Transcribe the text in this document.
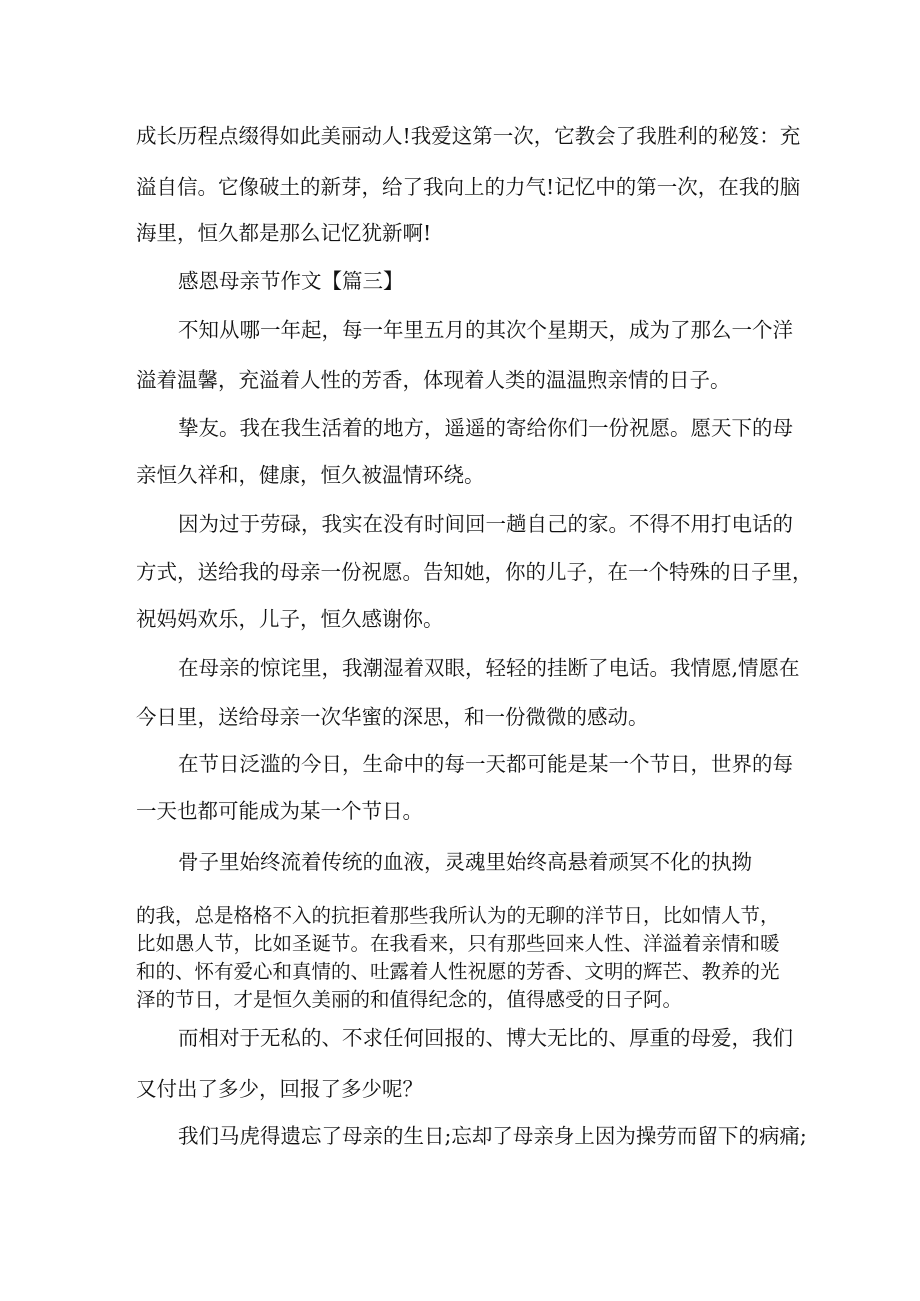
成长历程点缀得如此美丽动人!我爱这第一次，它教会了我胜利的秘笈：充
溢自信。它像破土的新芽，给了我向上的力气!记忆中的第一次，在我的脑
海里，恒久都是那么记忆犹新啊!
感恩母亲节作文【篇三】
不知从哪一年起，每一年里五月的其次个星期天，成为了那么一个洋
溢着温馨，充溢着人性的芳香，体现着人类的温温煦亲情的日子。
挚友。我在我生活着的地方，遥遥的寄给你们一份祝愿。愿天下的母
亲恒久祥和，健康，恒久被温情环绕。
因为过于劳碌，我实在没有时间回一趟自己的家。不得不用打电话的
方式，送给我的母亲一份祝愿。告知她，你的儿子，在一个特殊的日子里，
祝妈妈欢乐，儿子，恒久感谢你。
在母亲的惊诧里，我潮湿着双眼，轻轻的挂断了电话。我情愿,情愿在
今日里，送给母亲一次华蜜的深思，和一份微微的感动。
在节日泛滥的今日，生命中的每一天都可能是某一个节日，世界的每
一天也都可能成为某一个节日。
骨子里始终流着传统的血液，灵魂里始终高悬着顽冥不化的执拗
的我，总是格格不入的抗拒着那些我所认为的无聊的洋节日，比如情人节，
比如愚人节，比如圣诞节。在我看来，只有那些回来人性、洋溢着亲情和暖
和的、怀有爱心和真情的、吐露着人性祝愿的芳香、文明的辉芒、教养的光
泽的节日，才是恒久美丽的和值得纪念的，值得感受的日子阿。
而相对于无私的、不求任何回报的、博大无比的、厚重的母爱，我们
又付出了多少，回报了多少呢？
我们马虎得遗忘了母亲的生日;忘却了母亲身上因为操劳而留下的病痛;
